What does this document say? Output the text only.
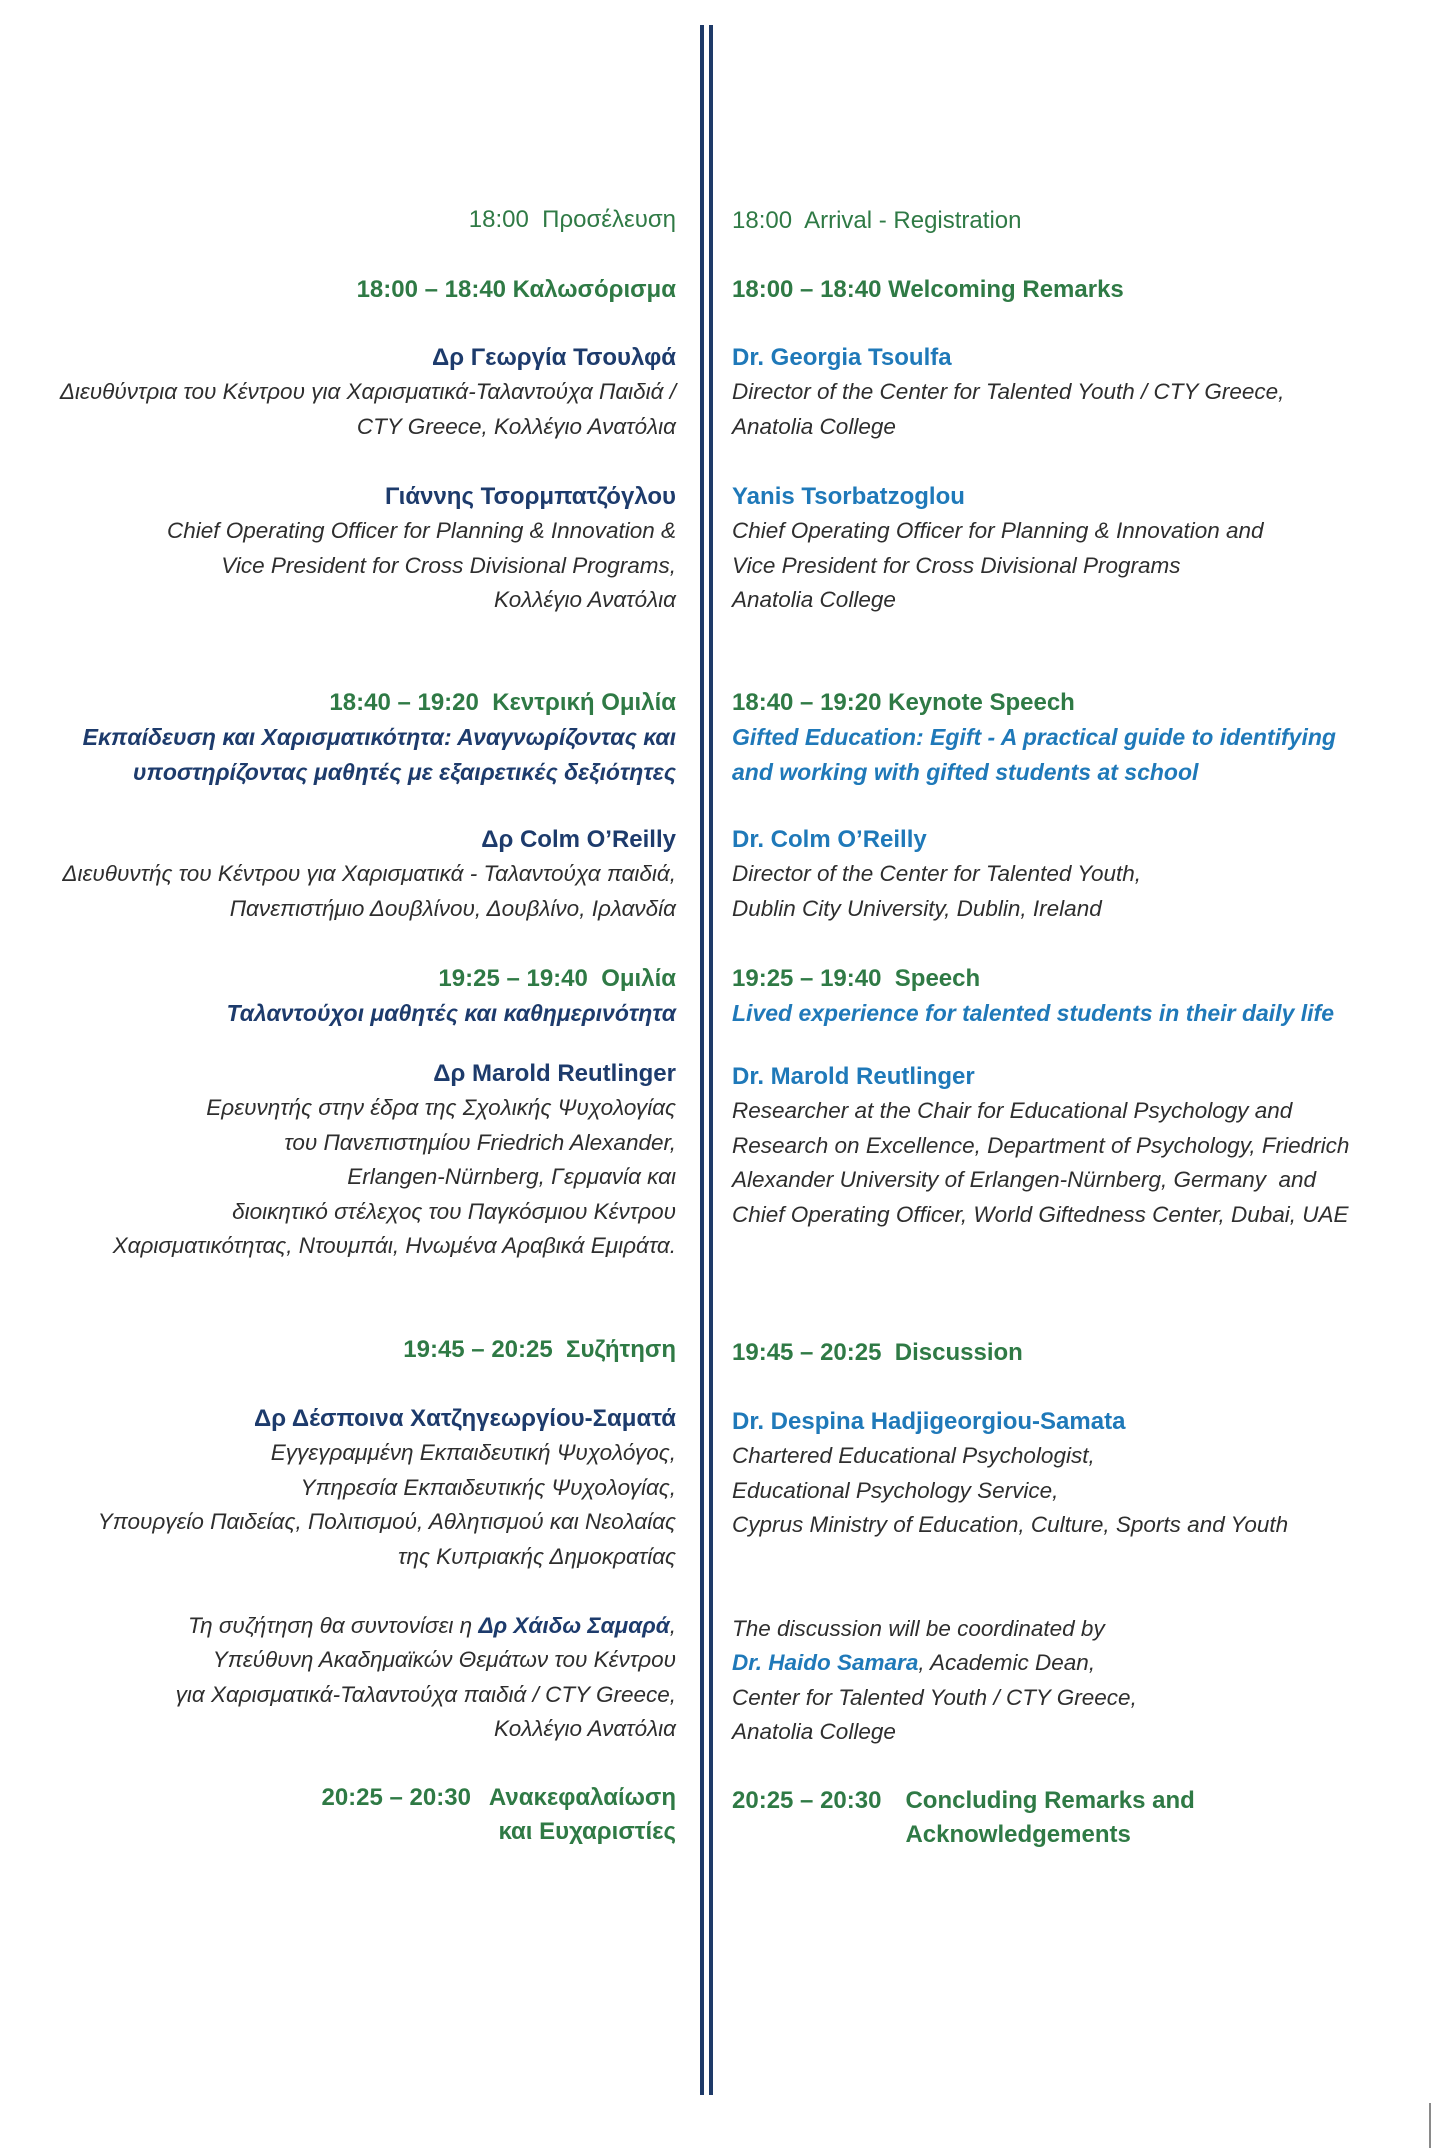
18:00  Προσέλευση
18:00 – 18:40 Καλωσόρισμα
Δρ Γεωργία Τσουλφά
Διευθύντρια του Κέντρου για Χαρισματικά-Ταλαντούχα Παιδιά /
CTY Greece, Κολλέγιο Ανατόλια
Γιάννης Τσορμπατζόγλου
Chief Operating Officer for Planning & Innovation &
Vice President for Cross Divisional Programs,
Κολλέγιο Ανατόλια
18:40 – 19:20  Κεντρική Ομιλία
Εκπαίδευση και Χαρισματικότητα: Αναγνωρίζοντας και
υποστηρίζοντας μαθητές με εξαιρετικές δεξιότητες
Δρ Colm O’Reilly
Διευθυντής του Κέντρου για Χαρισματικά - Ταλαντούχα παιδιά,
Πανεπιστήμιο Δουβλίνου, Δουβλίνο, Ιρλανδία
19:25 – 19:40  Ομιλία
Ταλαντούχοι μαθητές και καθημερινότητα
Δρ Marold Reutlinger
Ερευνητής στην έδρα της Σχολικής Ψυχολογίας
του Πανεπιστημίου Friedrich Alexander,
Erlangen-Nürnberg, Γερμανία και
διοικητικό στέλεχος του Παγκόσμιου Κέντρου
Χαρισματικότητας, Ντουμπάι, Ηνωμένα Αραβικά Εμιράτα.
19:45 – 20:25  Συζήτηση
Δρ Δέσποινα Χατζηγεωργίου-Σαματά
Εγγεγραμμένη Εκπαιδευτική Ψυχολόγος,
Υπηρεσία Εκπαιδευτικής Ψυχολογίας,
Υπουργείο Παιδείας, Πολιτισμού, Αθλητισμού και Νεολαίας
της Κυπριακής Δημοκρατίας
Τη συζήτηση θα συντονίσει η Δρ Χάιδω Σαμαρά,
Υπεύθυνη Ακαδημαϊκών Θεμάτων του Κέντρου
για Χαρισματικά-Ταλαντούχα παιδιά / CTY Greece,
Κολλέγιο Ανατόλια
20:25 – 20:30 Ανακεφαλαίωση
και Ευχαριστίες
18:00  Arrival - Registration
18:00 – 18:40 Welcoming Remarks
Dr. Georgia Tsoulfa
Director of the Center for Talented Youth / CTY Greece,
Anatolia College
Yanis Tsorbatzoglou
Chief Operating Officer for Planning & Innovation and
Vice President for Cross Divisional Programs
Anatolia College
18:40 – 19:20 Keynote Speech
Gifted Education: Egift - A practical guide to identifying
and working with gifted students at school
Dr. Colm O’Reilly
Director of the Center for Talented Youth,
Dublin City University, Dublin, Ireland
19:25 – 19:40  Speech
Lived experience for talented students in their daily life
Dr. Marold Reutlinger
Researcher at the Chair for Educational Psychology and
Research on Excellence, Department of Psychology, Friedrich
Alexander University of Erlangen-Nürnberg, Germany  and
Chief Operating Officer, World Giftedness Center, Dubai, UAE
19:45 – 20:25  Discussion
Dr. Despina Hadjigeorgiou-Samata
Chartered Educational Psychologist,
Educational Psychology Service,
Cyprus Ministry of Education, Culture, Sports and Youth
The discussion will be coordinated by
Dr. Haido Samara, Academic Dean,
Center for Talented Youth / CTY Greece,
Anatolia College
20:25 – 20:30 Concluding Remarks and
Acknowledgements
